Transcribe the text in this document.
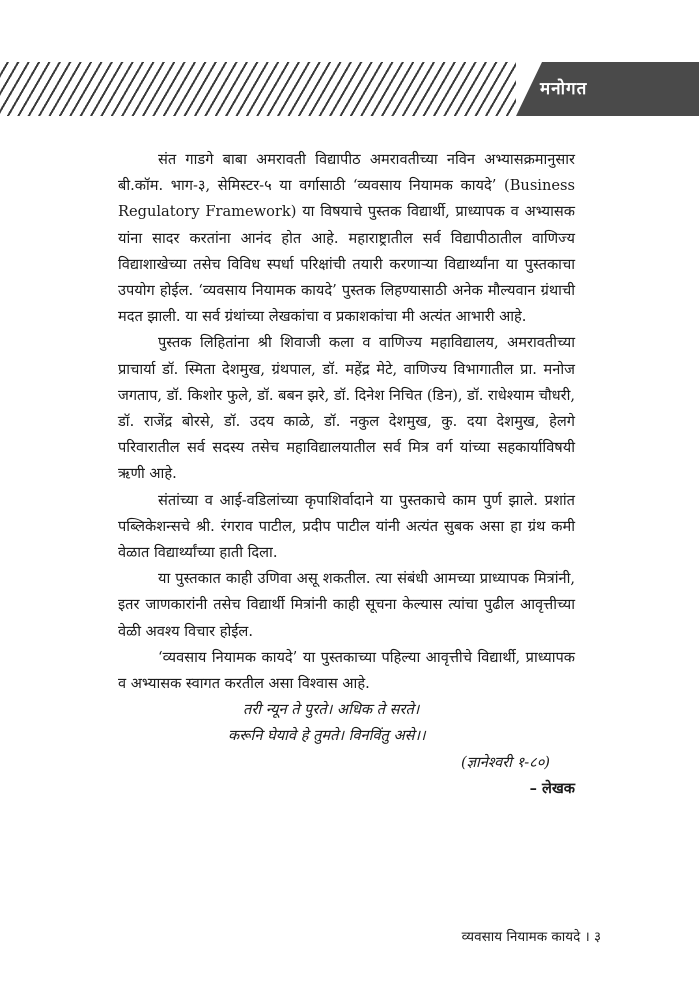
मनोगत

संत गाडगे बाबा अमरावती विद्यापीठ अमरावतीच्या नविन अभ्यासक्रमानुसार बी.कॉम. भाग-३, सेमिस्टर-५ या वर्गासाठी ‘व्यवसाय नियामक कायदे’ (Business Regulatory Framework) या विषयाचे पुस्तक विद्यार्थी, प्राध्यापक व अभ्यासक यांना सादर करतांना आनंद होत आहे. महाराष्ट्रातील सर्व विद्यापीठातील वाणिज्य विद्याशाखेच्या तसेच विविध स्पर्धा परिक्षांची तयारी करणाऱ्या विद्यार्थ्यांना या पुस्तकाचा उपयोग होईल. ‘व्यवसाय नियामक कायदे’ पुस्तक लिहण्यासाठी अनेक मौल्यवान ग्रंथाची मदत झाली. या सर्व ग्रंथांच्या लेखकांचा व प्रकाशकांचा मी अत्यंत आभारी आहे.

पुस्तक लिहितांना श्री शिवाजी कला व वाणिज्य महाविद्यालय, अमरावतीच्या प्राचार्या डॉ. स्मिता देशमुख, ग्रंथपाल, डॉ. महेंद्र मेटे, वाणिज्य विभागातील प्रा. मनोज जगताप, डॉ. किशोर फुले, डॉ. बबन झरे, डॉ. दिनेश निचित (डिन), डॉ. राधेश्याम चौधरी, डॉ. राजेंद्र बोरसे, डॉ. उदय काळे, डॉ. नकुल देशमुख, कु. दया देशमुख, हेलगे परिवारातील सर्व सदस्य तसेच महाविद्यालयातील सर्व मित्र वर्ग यांच्या सहकार्याविषयी ऋणी आहे.

संतांच्या व आई-वडिलांच्या कृपाशिर्वादाने या पुस्तकाचे काम पुर्ण झाले. प्रशांत पब्लिकेशन्सचे श्री. रंगराव पाटील, प्रदीप पाटील यांनी अत्यंत सुबक असा हा ग्रंथ कमी वेळात विद्यार्थ्यांच्या हाती दिला.

या पुस्तकात काही उणिवा असू शकतील. त्या संबंधी आमच्या प्राध्यापक मित्रांनी, इतर जाणकारांनी तसेच विद्यार्थी मित्रांनी काही सूचना केल्यास त्यांचा पुढील आवृत्तीच्या वेळी अवश्य विचार होईल.

‘व्यवसाय नियामक कायदे’ या पुस्तकाच्या पहिल्या आवृत्तीचे विद्यार्थी, प्राध्यापक व अभ्यासक स्वागत करतील असा विश्वास आहे.

तरी न्यून ते पुरते। अधिक ते सरते।

करूनि घेयावे हे तुमते। विनविंतु असे।।

(ज्ञानेश्वरी १-८०)

– लेखक

व्यवसाय नियामक कायदे । ३
